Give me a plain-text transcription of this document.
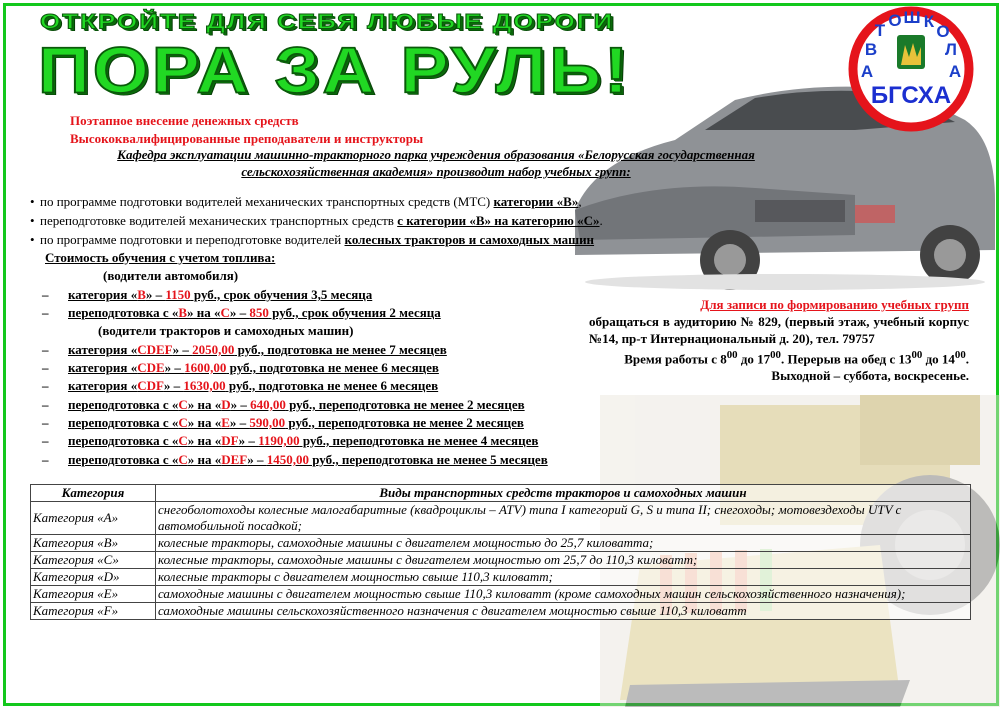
ОТКРОЙТЕ ДЛЯ СЕБЯ ЛЮБЫЕ ДОРОГИ
ПОРА ЗА РУЛЬ!	А
В
Т
О Ш К
О
Л
А
БГСХА
Поэтапное внесение денежных средств
Высококвалифицированные преподаватели и инструкторы
Кафедра эксплуатации машинно-тракторного парка учреждения образования «Белорусская государственная сельскохозяйственная академия» производит набор учебных групп:
• по программе подготовки водителей механических транспортных средств (МТС) категории «B»,
• переподготовке водителей механических транспортных средств с категории «В» на категорию «С».
• по программе подготовки и переподготовке водителей колесных тракторов и самоходных машин
Стоимость обучения с учетом топлива:
(водители автомобиля)
– категория «B» – 1150 руб., срок обучения 3,5 месяца
– переподготовка с «В» на «С» – 850 руб., срок обучения 2 месяца
(водители тракторов и самоходных машин)
– категория «CDEF» – 2050,00 руб., подготовка не менее 7 месяцев
– категория «CDE» – 1600,00 руб., подготовка не менее 6 месяцев
– категория «CDF» – 1630,00 руб., подготовка не менее 6 месяцев
– переподготовка с «C» на «D» – 640,00 руб., переподготовка не менее 2 месяцев
– переподготовка с «C» на «E» – 590,00 руб., переподготовка не менее 2 месяцев
– переподготовка с «C» на «DF» – 1190,00 руб., переподготовка не менее 4 месяцев
– переподготовка с «C» на «DEF» – 1450,00 руб., переподготовка не менее 5 месяцев
Для записи по формированию учебных групп
обращаться в аудиторию № 829, (первый этаж, учебный корпус №14, пр-т Интернациональный д. 20), тел. 79757
Время работы с $8^{00}$ до $17^{00}$. Перерыв на обед с $13^{00}$ до $14^{00}$.
Выходной – суббота, воскресенье.
Категория	Виды транспортных средств тракторов и самоходных машин
Категория «A»	снегоболотоходы колесные малогабаритные (квадроциклы – ATV) типа I категорий G, S и типа II; снегоходы; мотовездеходы UTV с автомобильной посадкой;
Категория «B»	колесные тракторы, самоходные машины с двигателем мощностью до 25,7 киловатта;
Категория «C»	колесные тракторы, самоходные машины с двигателем мощностью от 25,7 до 110,3 киловатт;
Категория «D»	колесные тракторы с двигателем мощностью свыше 110,3 киловатт;
Категория «E»	самоходные машины с двигателем мощностью свыше 110,3 киловатт (кроме самоходных машин сельскохозяйственного назначения);
Категория «F»	самоходные машины сельскохозяйственного назначения с двигателем мощностью свыше 110,3 киловатт
